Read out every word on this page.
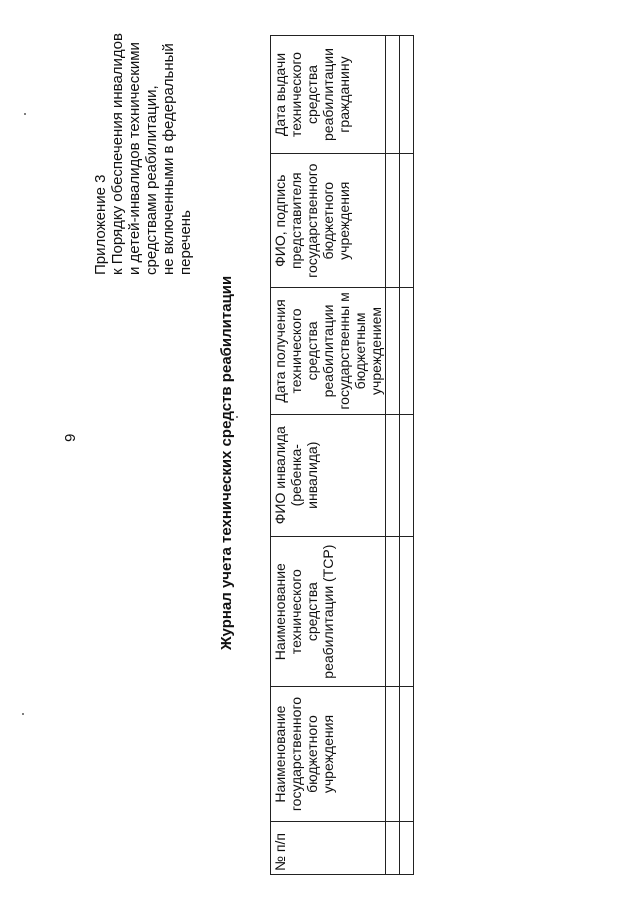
9
Приложение 3 к Порядку обеспечения инвалидов и детей-инвалидов техническими средствами реабилитации, не включенными в федеральный перечень
Журнал учета технических средств реабилитации
№ п/п	Наименование государственного бюджетного учреждения	Наименование технического средства реабилитации (ТСР)	ФИО инвалида (ребенка-инвалида)	Дата получения технического средства реабилитации государственны м бюджетным учреждением	ФИО, подпись представителя государственного бюджетного учреждения	Дата выдачи технического средства реабилитации гражданину
